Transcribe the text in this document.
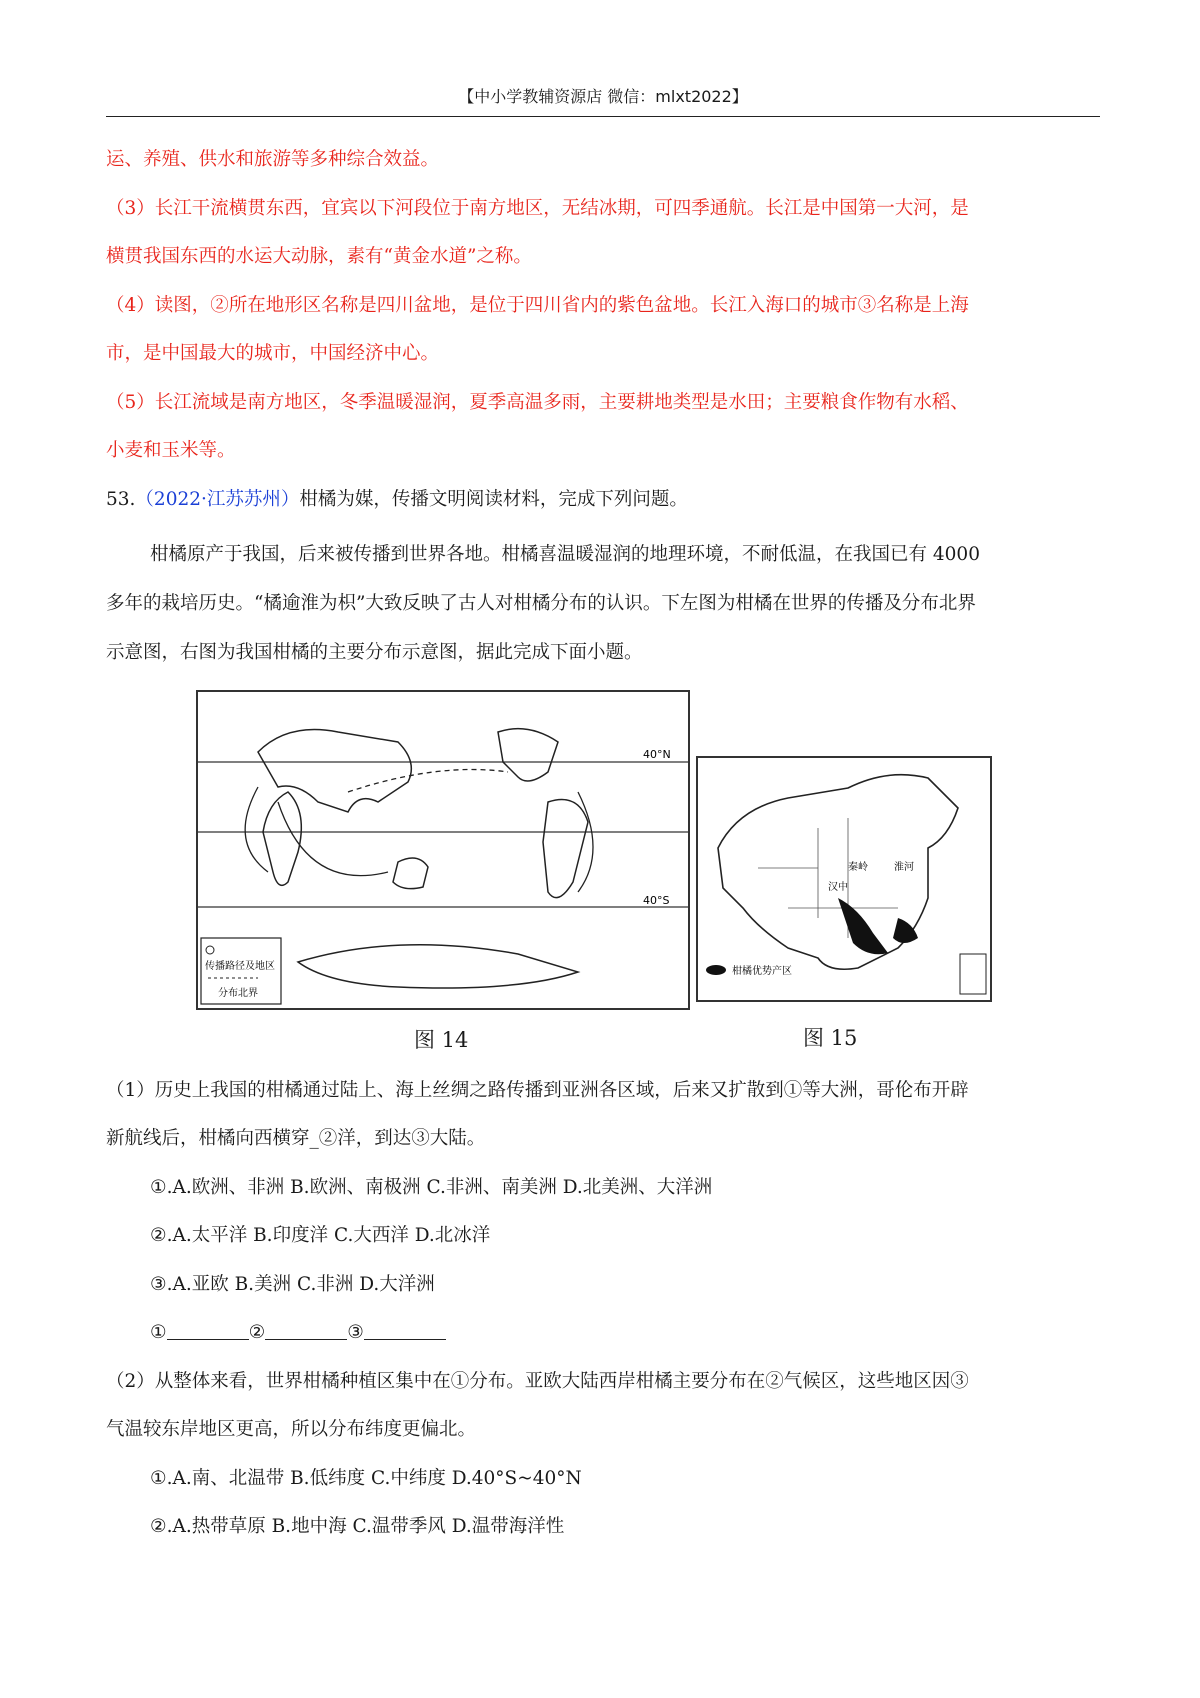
【中小学教辅资源店 微信：mlxt2022】
运、养殖、供水和旅游等多种综合效益。
（3）长江干流横贯东西，宜宾以下河段位于南方地区，无结冰期，可四季通航。长江是中国第一大河，是
横贯我国东西的水运大动脉，素有“黄金水道”之称。
（4）读图，②所在地形区名称是四川盆地，是位于四川省内的紫色盆地。长江入海口的城市③名称是上海
市，是中国最大的城市，中国经济中心。
（5）长江流域是南方地区，冬季温暖湿润，夏季高温多雨，主要耕地类型是水田；主要粮食作物有水稻、
小麦和玉米等。
53.（2022·江苏苏州）柑橘为媒，传播文明阅读材料，完成下列问题。
柑橘原产于我国，后来被传播到世界各地。柑橘喜温暖湿润的地理环境，不耐低温，在我国已有 4000
多年的栽培历史。“橘逾淮为枳”大致反映了古人对柑橘分布的认识。下左图为柑橘在世界的传播及分布北界
示意图，右图为我国柑橘的主要分布示意图，据此完成下面小题。
40°N
40°S
传播路径及地区
分布北界
图 14
秦岭	淮河
汉中
柑橘优势产区
图 15
（1）历史上我国的柑橘通过陆上、海上丝绸之路传播到亚洲各区域，后来又扩散到①等大洲，哥伦布开辟
新航线后，柑橘向西横穿_②洋，到达③大陆。
①.A.欧洲、非洲 B.欧洲、南极洲 C.非洲、南美洲 D.北美洲、大洋洲
②.A.太平洋 B.印度洋 C.大西洋 D.北冰洋
③.A.亚欧 B.美洲 C.非洲 D.大洋洲
①	②	③
（2）从整体来看，世界柑橘种植区集中在①分布。亚欧大陆西岸柑橘主要分布在②气候区，这些地区因③
气温较东岸地区更高，所以分布纬度更偏北。
①.A.南、北温带 B.低纬度 C.中纬度 D.40°S~40°N
②.A.热带草原 B.地中海 C.温带季风 D.温带海洋性
